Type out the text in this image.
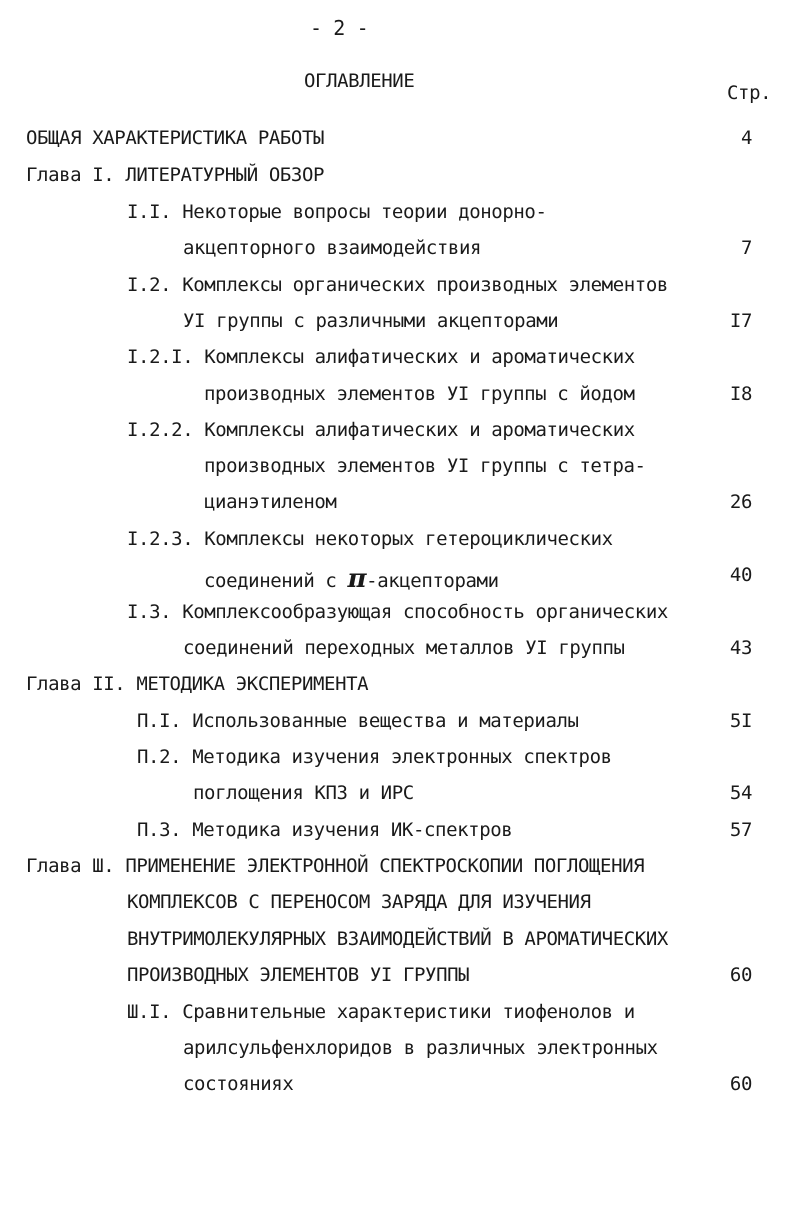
- 2 -
ОГЛАВЛЕНИЕ
Стр.
ОБЩАЯ ХАРАКТЕРИСТИКА РАБОТЫ	4
Глава I. ЛИТЕРАТУРНЫЙ ОБЗОР
I.I. Некоторые вопросы теории донорно-
акцепторного взаимодействия	7
I.2. Комплексы органических производных элементов
УI группы с различными акцепторами	I7
I.2.I. Комплексы алифатических и ароматических
производных элементов УI группы с йодом	I8
I.2.2. Комплексы алифатических и ароматических
производных элементов УI группы с тетра-
цианэтиленом	26
I.2.3. Комплексы некоторых гетероциклических
соединений с π-акцепторами	40
I.3. Комплексообразующая способность органических
соединений переходных металлов УI группы	43
Глава II. МЕТОДИКА ЭКСПЕРИМЕНТА
П.I. Использованные вещества и материалы	5I
П.2. Методика изучения электронных спектров
поглощения КПЗ и ИРС	54
П.3. Методика изучения ИК-спектров	57
Глава Ш. ПРИМЕНЕНИЕ ЭЛЕКТРОННОЙ СПЕКТРОСКОПИИ ПОГЛОЩЕНИЯ
КОМПЛЕКСОВ С ПЕРЕНОСОМ ЗАРЯДА ДЛЯ ИЗУЧЕНИЯ
ВНУТРИМОЛЕКУЛЯРНЫХ ВЗАИМОДЕЙСТВИЙ В АРОМАТИЧЕСКИХ
ПРОИЗВОДНЫХ ЭЛЕМЕНТОВ УI ГРУППЫ	60
Ш.I. Сравнительные характеристики тиофенолов и
арилсульфенхлоридов в различных электронных
состояниях	60
